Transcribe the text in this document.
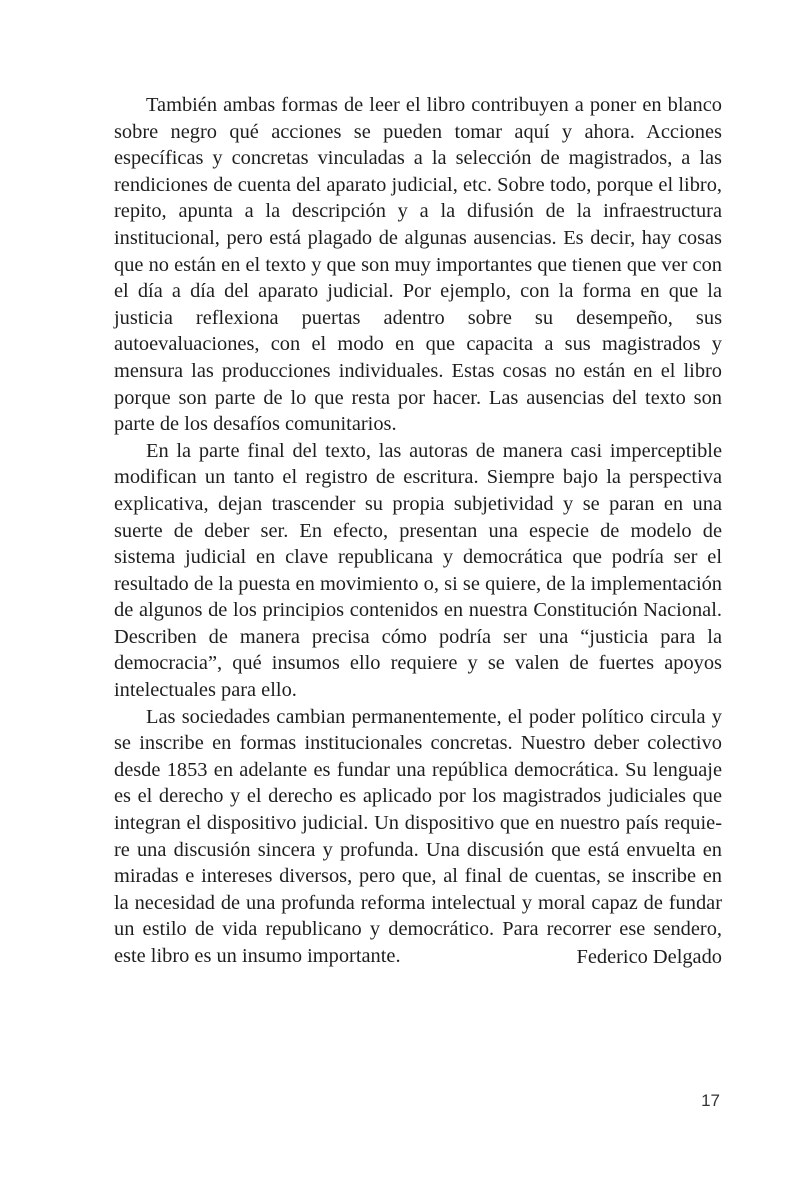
También ambas formas de leer el libro contribuyen a poner en blanco sobre negro qué acciones se pueden tomar aquí y ahora. Acciones específicas y concretas vinculadas a la selección de magistrados, a las rendiciones de cuenta del aparato judicial, etc. Sobre todo, porque el libro, repito, apunta a la descripción y a la difusión de la infraestructura institucional, pero está plagado de algunas ausencias. Es decir, hay cosas que no están en el texto y que son muy importantes que tienen que ver con el día a día del aparato judicial. Por ejemplo, con la forma en que la justicia reflexiona puertas adentro sobre su desempeño, sus autoevaluaciones, con el modo en que capacita a sus magistrados y mensura las producciones individuales. Estas cosas no están en el libro porque son parte de lo que resta por hacer. Las ausencias del texto son parte de los desafíos comunitarios.

En la parte final del texto, las autoras de manera casi imperceptible modifican un tanto el registro de escritura. Siempre bajo la perspectiva explicativa, dejan trascender su propia subjetividad y se paran en una suerte de deber ser. En efecto, presentan una especie de modelo de sistema judicial en clave republicana y democrática que podría ser el resultado de la puesta en movimiento o, si se quiere, de la implementación de algunos de los principios contenidos en nuestra Constitución Nacional. Describen de manera precisa cómo podría ser una “justicia para la democracia”, qué insumos ello requiere y se valen de fuertes apoyos intelectuales para ello.

Las sociedades cambian permanentemente, el poder político circula y se inscribe en formas institucionales concretas. Nuestro deber colectivo desde 1853 en adelante es fundar una república democrática. Su lenguaje es el derecho y el derecho es aplicado por los magistrados judiciales que integran el dispositivo judicial. Un dispositivo que en nuestro país requiere una discusión sincera y profunda. Una discusión que está envuelta en miradas e intereses diversos, pero que, al final de cuentas, se inscribe en la necesidad de una profunda reforma intelectual y moral capaz de fundar un estilo de vida republicano y democrático. Para recorrer ese sendero, este libro es un insumo importante.	Federico Delgado
17
